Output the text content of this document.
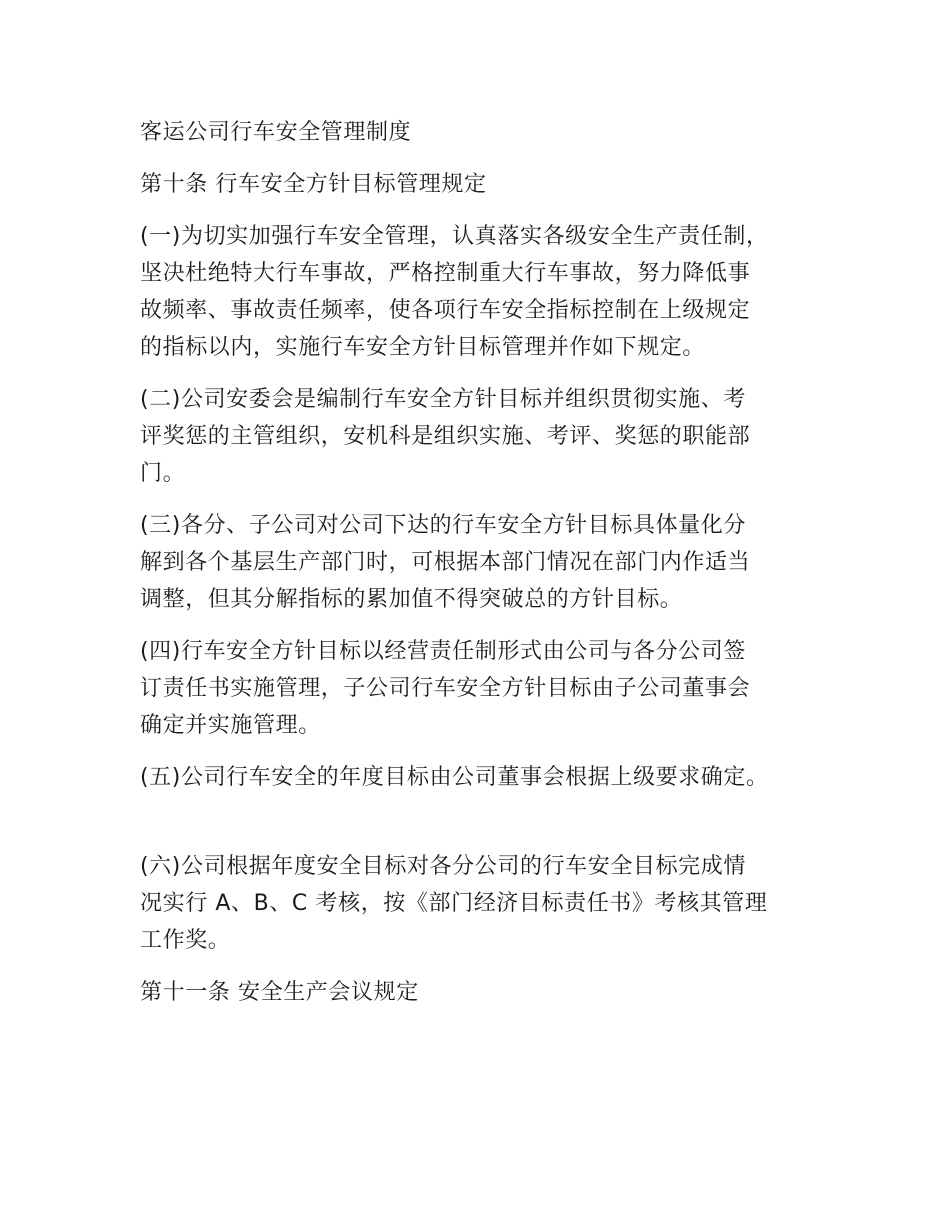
客运公司行车安全管理制度

第十条 行车安全方针目标管理规定

(一)为切实加强行车安全管理，认真落实各级安全生产责任制，

坚决杜绝特大行车事故，严格控制重大行车事故，努力降低事

故频率、事故责任频率，使各项行车安全指标控制在上级规定

的指标以内，实施行车安全方针目标管理并作如下规定。

(二)公司安委会是编制行车安全方针目标并组织贯彻实施、考

评奖惩的主管组织，安机科是组织实施、考评、奖惩的职能部

门。

(三)各分、子公司对公司下达的行车安全方针目标具体量化分

解到各个基层生产部门时，可根据本部门情况在部门内作适当

调整，但其分解指标的累加值不得突破总的方针目标。

(四)行车安全方针目标以经营责任制形式由公司与各分公司签

订责任书实施管理，子公司行车安全方针目标由子公司董事会

确定并实施管理。

(五)公司行车安全的年度目标由公司董事会根据上级要求确定。

(六)公司根据年度安全目标对各分公司的行车安全目标完成情

况实行 A、B、C 考核，按《部门经济目标责任书》考核其管理

工作奖。

第十一条 安全生产会议规定
